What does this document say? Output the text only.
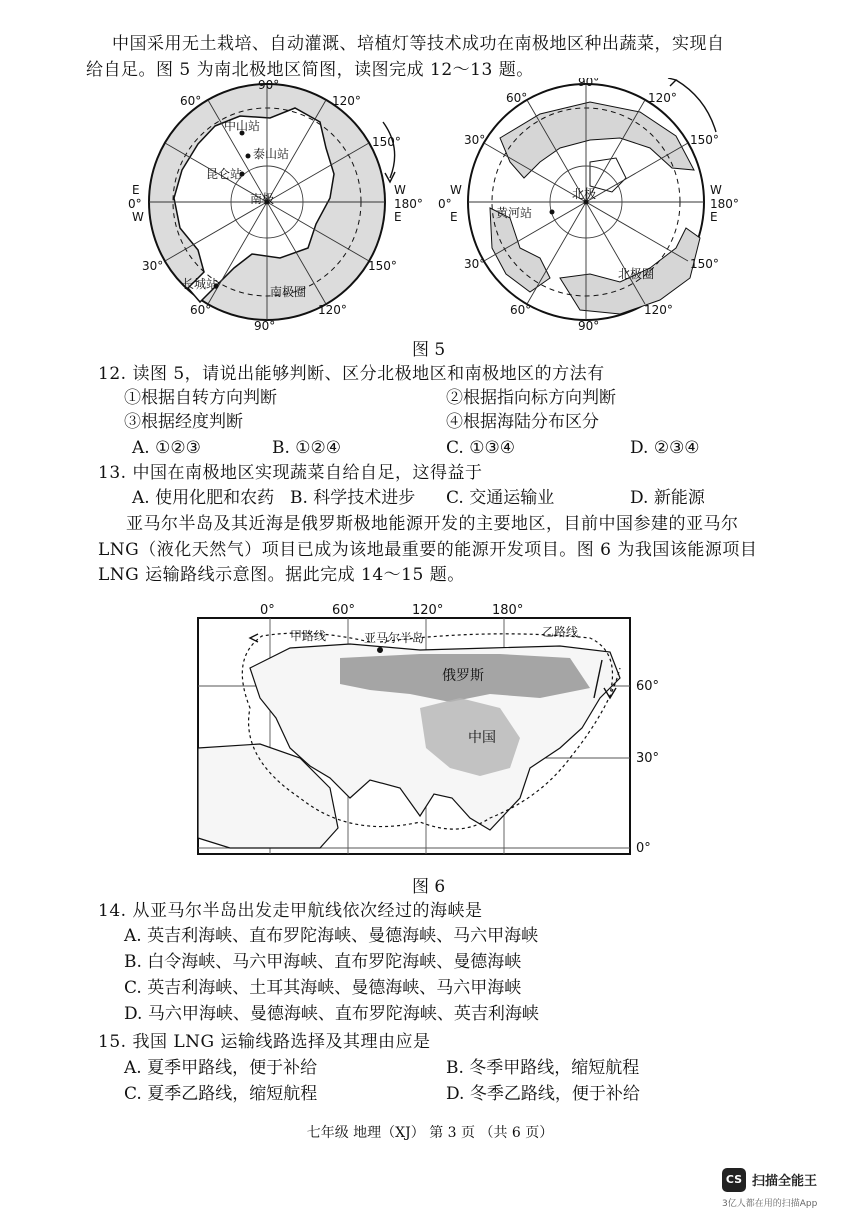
中国采用无土栽培、自动灌溉、培植灯等技术成功在南极地区种出蔬菜，实现自
给自足。图 5 为南北极地区简图，读图完成 12～13 题。
90°
60°	120°
150°
E
0°
W
180°
30°	150°
60°
90°
120°
W
E
中山站
泰山站
昆仑站
南极
长城站
南极圈
90°
60°	120°
30°	150°
W
E
0°
W
E
180°
30°	150°
60°
90°
120°
北极
黄河站
北极圈
图 5
12. 读图 5，请说出能够判断、区分北极地区和南极地区的方法有
①根据自转方向判断	②根据指向标方向判断
③根据经度判断	④根据海陆分布区分
A. ①②③	B. ①②④	C. ①③④	D. ②③④
13. 中国在南极地区实现蔬菜自给自足，这得益于
A. 使用化肥和农药 B. 科学技术进步 C. 交通运输业	D. 新能源
亚马尔半岛及其近海是俄罗斯极地能源开发的主要地区，目前中国参建的亚马尔
LNG（液化天然气）项目已成为该地最重要的能源开发项目。图 6 为我国该能源项目
LNG 运输路线示意图。据此完成 14～15 题。
0°	60°	120°	180°
甲路线	亚马尔半岛	乙路线
俄罗斯
中国
60°
30°
0°
图 6
14. 从亚马尔半岛出发走甲航线依次经过的海峡是
A. 英吉利海峡、直布罗陀海峡、曼德海峡、马六甲海峡
B. 白令海峡、马六甲海峡、直布罗陀海峡、曼德海峡
C. 英吉利海峡、土耳其海峡、曼德海峡、马六甲海峡
D. 马六甲海峡、曼德海峡、直布罗陀海峡、英吉利海峡
15. 我国 LNG 运输线路选择及其理由应是
A. 夏季甲路线，便于补给	B. 冬季甲路线，缩短航程
C. 夏季乙路线，缩短航程	D. 冬季乙路线，便于补给
七年级 地理（XJ） 第 3 页 （共 6 页）
CS 扫描全能王
3亿人都在用的扫描App
